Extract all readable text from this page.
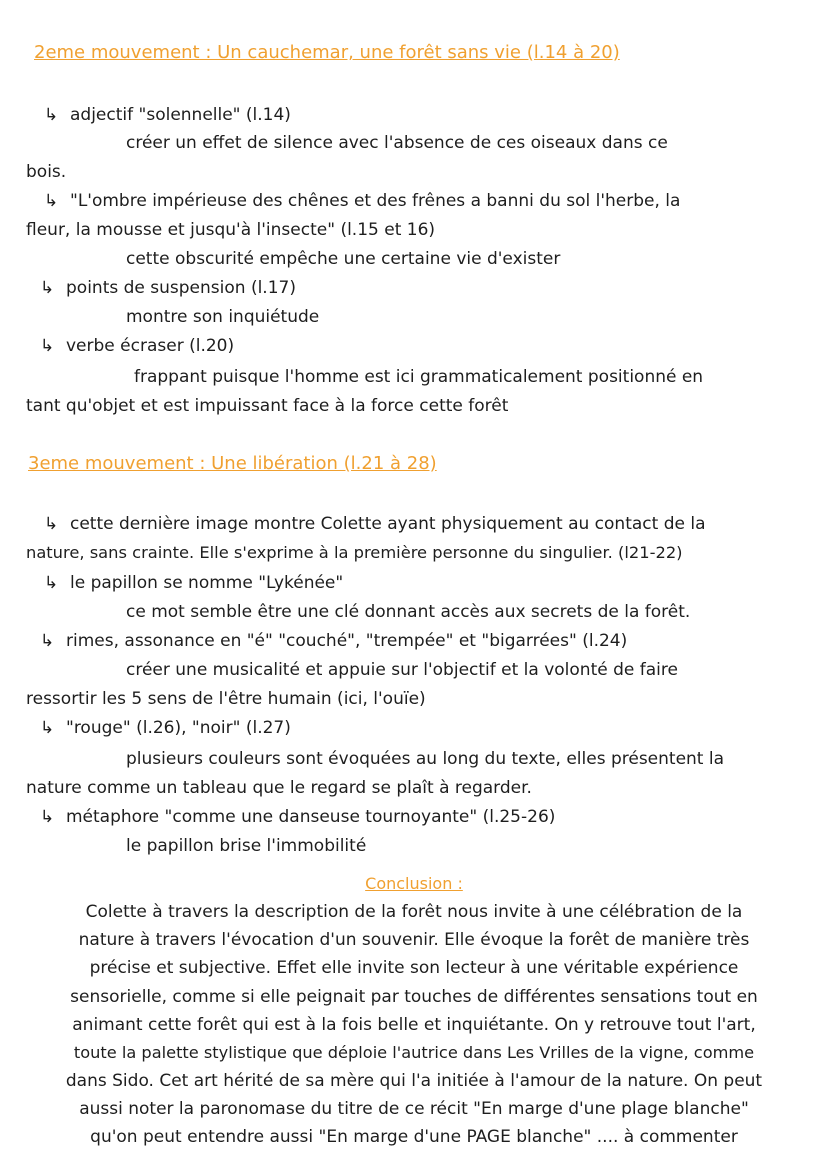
2eme mouvement : Un cauchemar, une forêt sans vie (l.14 à 20)
↳ adjectif "solennelle" (l.14)
créer un effet de silence avec l'absence de ces oiseaux dans ce
bois.
↳ "L'ombre impérieuse des chênes et des frênes a banni du sol l'herbe, la
fleur, la mousse et jusqu'à l'insecte" (l.15 et 16)
cette obscurité empêche une certaine vie d'exister
↳ points de suspension (l.17)
montre son inquiétude
↳ verbe écraser (l.20)
frappant puisque l'homme est ici grammaticalement positionné en
tant qu'objet et est impuissant face à la force cette forêt
3eme mouvement : Une libération (l.21 à 28)
↳ cette dernière image montre Colette ayant physiquement au contact de la
nature, sans crainte. Elle s'exprime à la première personne du singulier. (l21-22)
↳ le papillon se nomme "Lykénée"
ce mot semble être une clé donnant accès aux secrets de la forêt.
↳ rimes, assonance en "é" "couché", "trempée" et "bigarrées" (l.24)
créer une musicalité et appuie sur l'objectif et la volonté de faire
ressortir les 5 sens de l'être humain (ici, l'ouïe)
↳ "rouge" (l.26), "noir" (l.27)
plusieurs couleurs sont évoquées au long du texte, elles présentent la
nature comme un tableau que le regard se plaît à regarder.
↳ métaphore "comme une danseuse tournoyante" (l.25-26)
le papillon brise l'immobilité
Conclusion :
Colette à travers la description de la forêt nous invite à une célébration de la
nature à travers l'évocation d'un souvenir. Elle évoque la forêt de manière très
précise et subjective. Effet elle invite son lecteur à une véritable expérience
sensorielle, comme si elle peignait par touches de différentes sensations tout en
animant cette forêt qui est à la fois belle et inquiétante. On y retrouve tout l'art,
toute la palette stylistique que déploie l'autrice dans Les Vrilles de la vigne, comme
dans Sido. Cet art hérité de sa mère qui l'a initiée à l'amour de la nature. On peut
aussi noter la paronomase du titre de ce récit "En marge d'une plage blanche"
qu'on peut entendre aussi "En marge d'une PAGE blanche" .... à commenter
